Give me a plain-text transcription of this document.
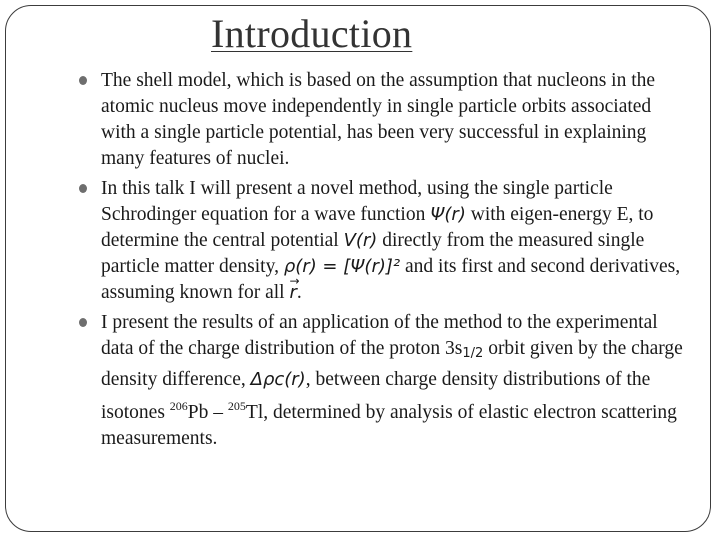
Introduction
The shell model, which is based on the assumption that nucleons in the atomic nucleus move independently in single particle orbits associated with a single particle potential, has been very successful in explaining many features of nuclei.
In this talk I will present a novel method, using the single particle Schrodinger equation for a wave function Ψ(r) with eigen-energy E, to determine the central potential V(r) directly from the measured single particle matter density, ρ(r) = [Ψ(r)]² and its first and second derivatives, assuming known for all → r.
I present the results of an application of the method to the experimental data of the charge distribution of the proton 3s1/2 orbit given by the charge density difference, Δρc(r), between charge density distributions of the isotones $^{206}$Pb – $^{205}$Tl, determined by analysis of elastic electron scattering measurements.
